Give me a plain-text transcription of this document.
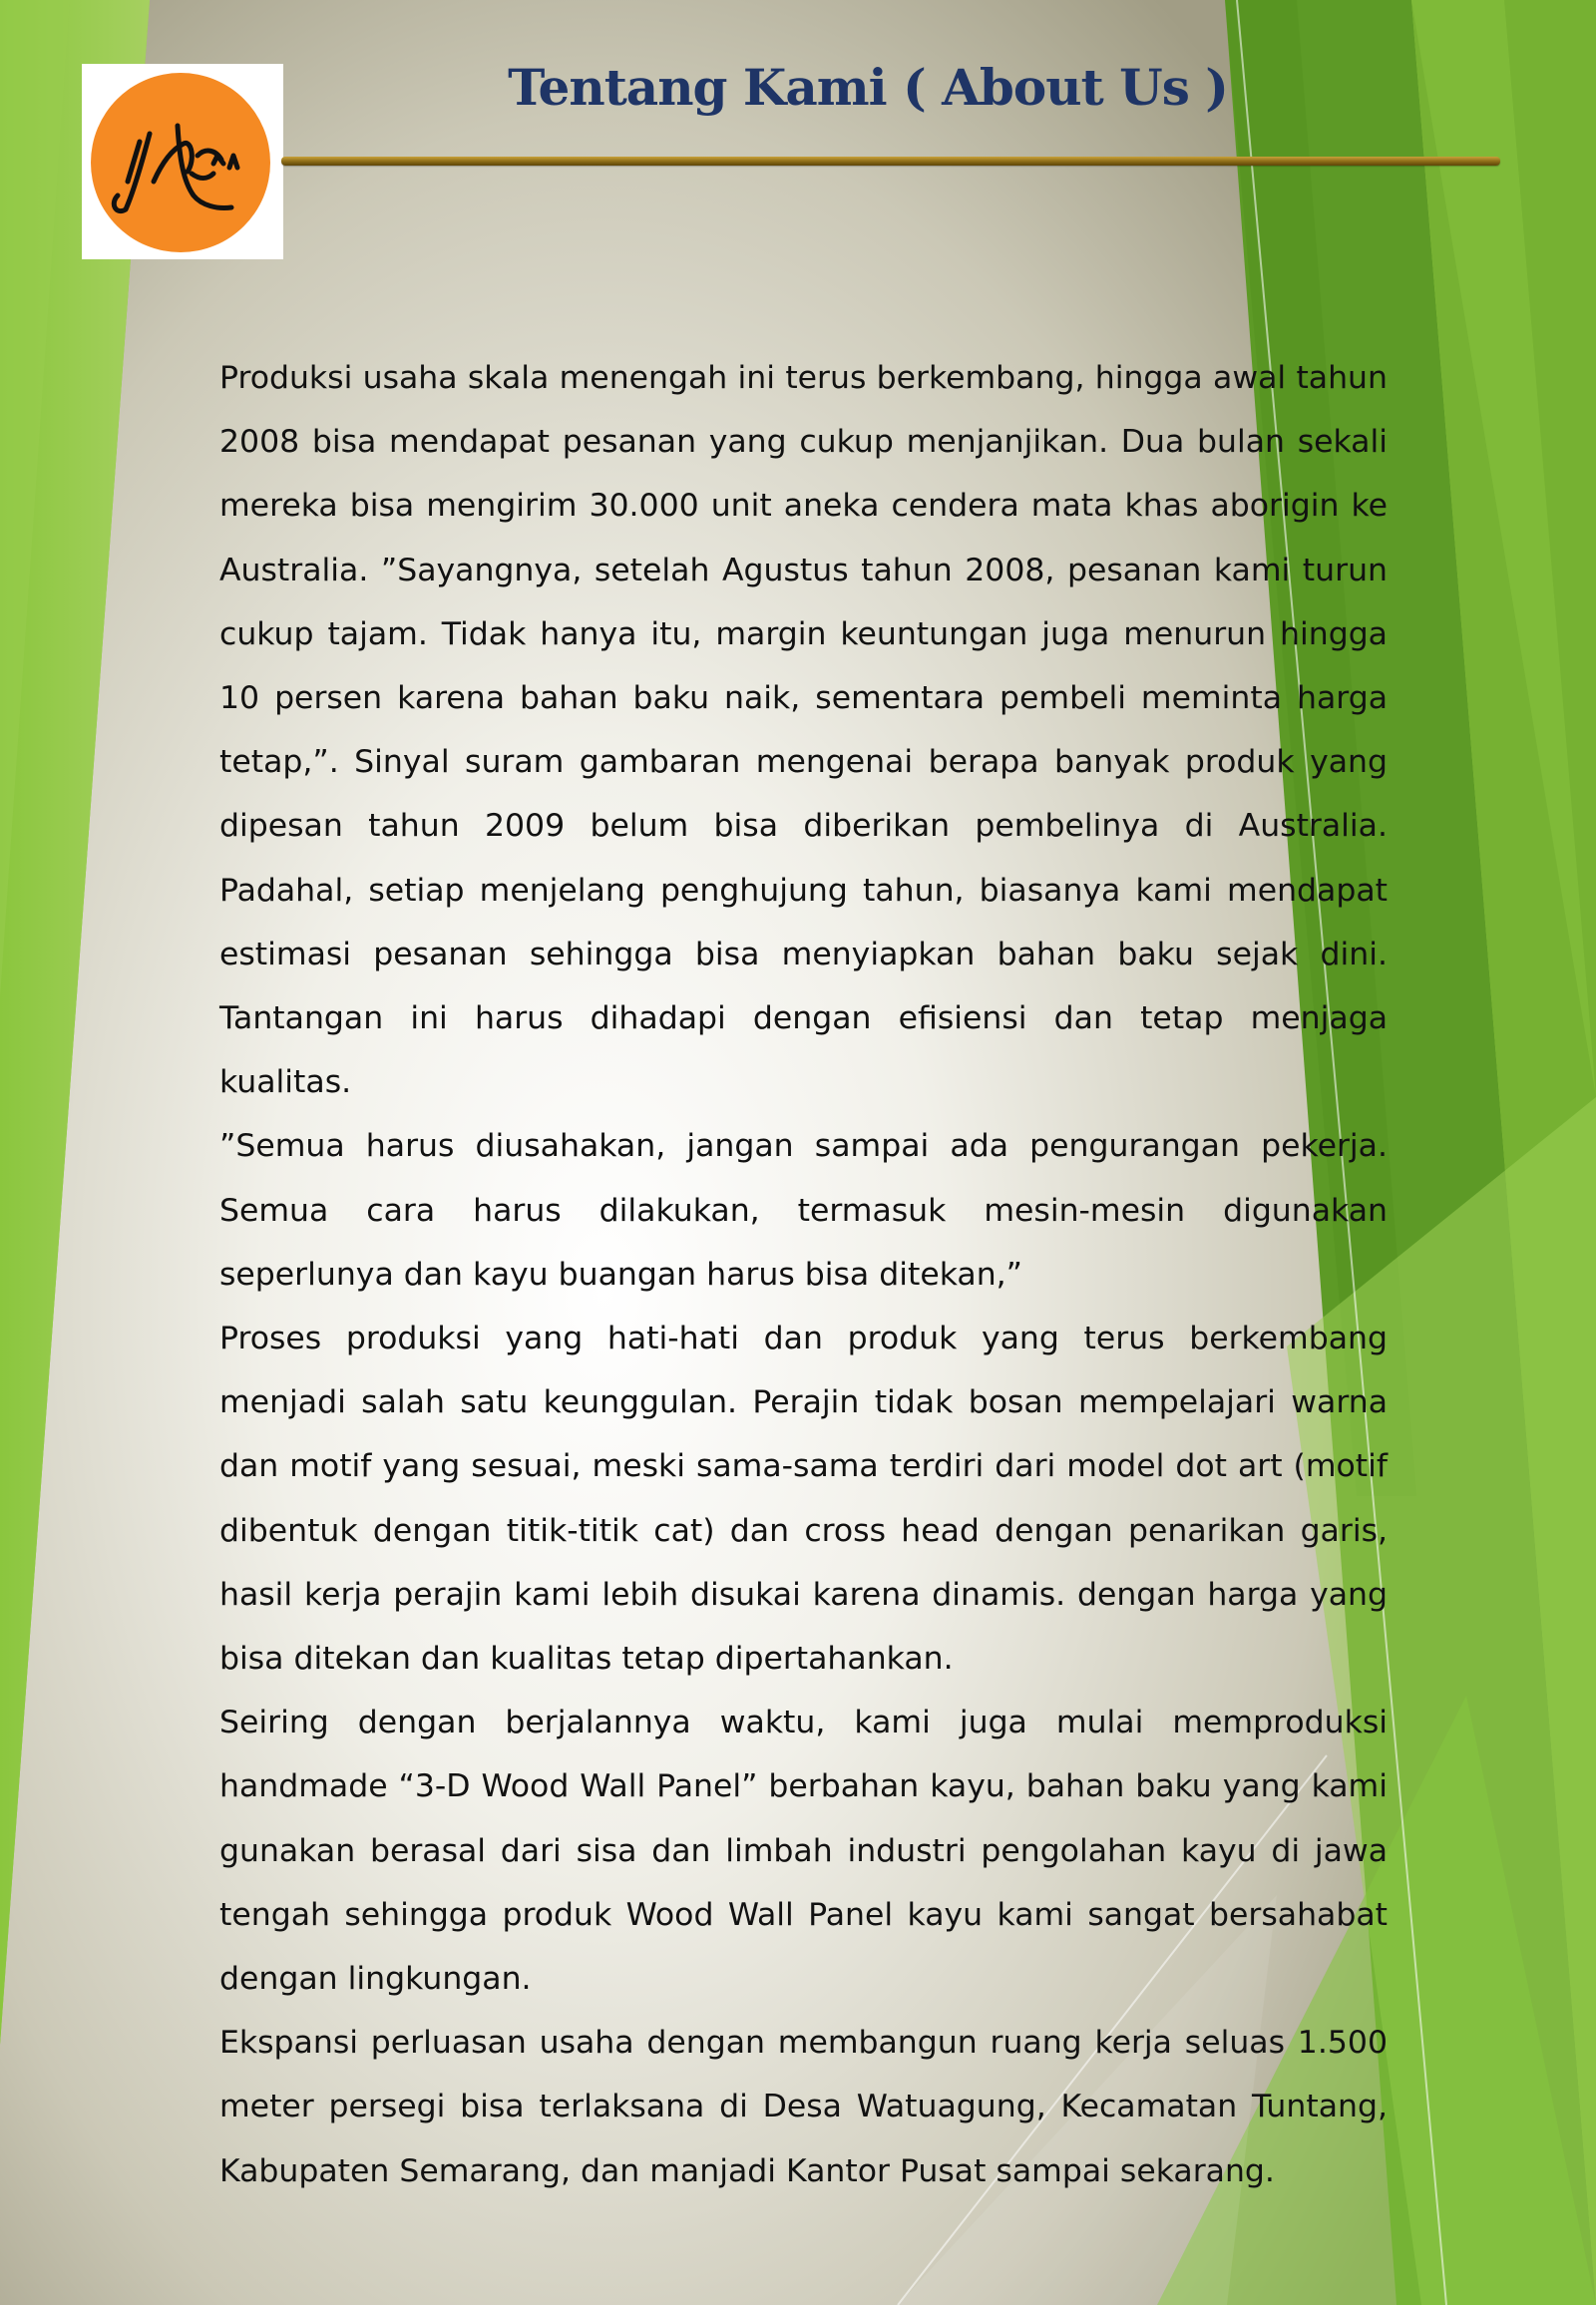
Tentang Kami ( About Us )

Produksi usaha skala menengah ini terus berkembang, hingga awal tahun 2008 bisa mendapat pesanan yang cukup menjanjikan. Dua bulan sekali mereka bisa mengirim 30.000 unit aneka cendera mata khas aborigin ke Australia. ”Sayangnya, setelah Agustus tahun 2008, pesanan kami turun cukup tajam. Tidak hanya itu, margin keuntungan juga menurun hingga 10 persen karena bahan baku naik, sementara pembeli meminta harga tetap,”. Sinyal suram gambaran mengenai berapa banyak produk yang dipesan tahun 2009 belum bisa diberikan pembelinya di Australia. Padahal, setiap menjelang penghujung tahun, biasanya kami mendapat estimasi pesanan sehingga bisa menyiapkan bahan baku sejak dini. Tantangan ini harus dihadapi dengan efisiensi dan tetap menjaga kualitas.

”Semua harus diusahakan, jangan sampai ada pengurangan pekerja. Semua cara harus dilakukan, termasuk mesin-mesin digunakan seperlunya dan kayu buangan harus bisa ditekan,”

Proses produksi yang hati-hati dan produk yang terus berkembang menjadi salah satu keunggulan. Perajin tidak bosan mempelajari warna dan motif yang sesuai, meski sama-sama terdiri dari model dot art (motif dibentuk dengan titik-titik cat) dan cross head dengan penarikan garis, hasil kerja perajin kami lebih disukai karena dinamis. dengan harga yang bisa ditekan dan kualitas tetap dipertahankan.

Seiring dengan berjalannya waktu, kami juga mulai memproduksi handmade “3-D Wood Wall Panel” berbahan kayu, bahan baku yang kami gunakan berasal dari sisa dan limbah industri pengolahan kayu di jawa tengah sehingga produk Wood Wall Panel kayu kami sangat bersahabat dengan lingkungan.

Ekspansi perluasan usaha dengan membangun ruang kerja seluas 1.500 meter persegi bisa terlaksana di Desa Watuagung, Kecamatan Tuntang, Kabupaten Semarang, dan manjadi Kantor Pusat sampai sekarang.
